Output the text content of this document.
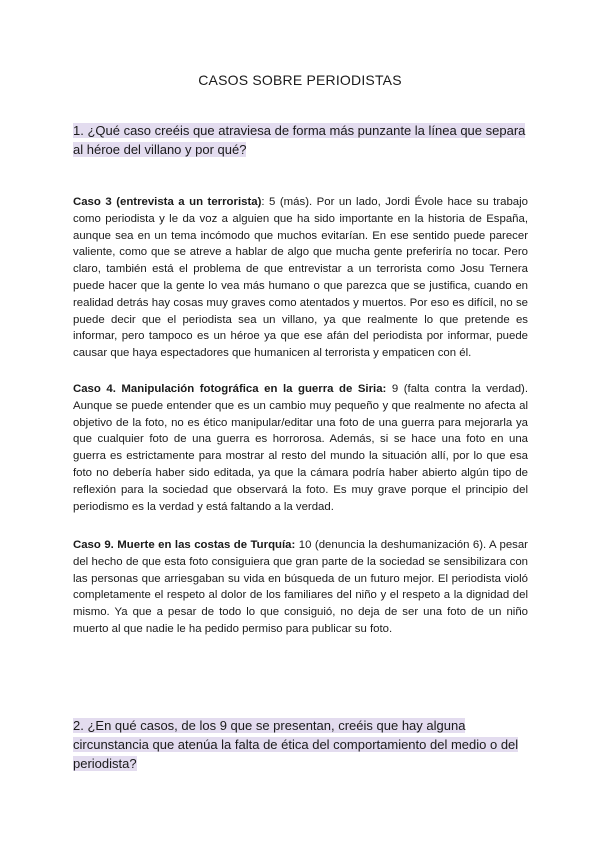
CASOS SOBRE PERIODISTAS
1. ¿Qué caso creéis que atraviesa de forma más punzante la línea que separa al héroe del villano y por qué?
Caso 3 (entrevista a un terrorista): 5 (más). Por un lado, Jordi Évole hace su trabajo como periodista y le da voz a alguien que ha sido importante en la historia de España, aunque sea en un tema incómodo que muchos evitarían. En ese sentido puede parecer valiente, como que se atreve a hablar de algo que mucha gente preferiría no tocar. Pero claro, también está el problema de que entrevistar a un terrorista como Josu Ternera puede hacer que la gente lo vea más humano o que parezca que se justifica, cuando en realidad detrás hay cosas muy graves como atentados y muertos. Por eso es difícil, no se puede decir que el periodista sea un villano, ya que realmente lo que pretende es informar, pero tampoco es un héroe ya que ese afán del periodista por informar, puede causar que haya espectadores que humanicen al terrorista y empaticen con él.
Caso 4. Manipulación fotográfica en la guerra de Siria: 9 (falta contra la verdad). Aunque se puede entender que es un cambio muy pequeño y que realmente no afecta al objetivo de la foto, no es ético manipular/editar una foto de una guerra para mejorarla ya que cualquier foto de una guerra es horrorosa. Además, si se hace una foto en una guerra es estrictamente para mostrar al resto del mundo la situación allí, por lo que esa foto no debería haber sido editada, ya que la cámara podría haber abierto algún tipo de reflexión para la sociedad que observará la foto. Es muy grave porque el principio del periodismo es la verdad y está faltando a la verdad.
Caso 9. Muerte en las costas de Turquía: 10 (denuncia la deshumanización 6). A pesar del hecho de que esta foto consiguiera que gran parte de la sociedad se sensibilizara con las personas que arriesgaban su vida en búsqueda de un futuro mejor. El periodista violó completamente el respeto al dolor de los familiares del niño y el respeto a la dignidad del mismo. Ya que a pesar de todo lo que consiguió, no deja de ser una foto de un niño muerto al que nadie le ha pedido permiso para publicar su foto.
2. ¿En qué casos, de los 9 que se presentan, creéis que hay alguna circunstancia que atenúa la falta de ética del comportamiento del medio o del periodista?
